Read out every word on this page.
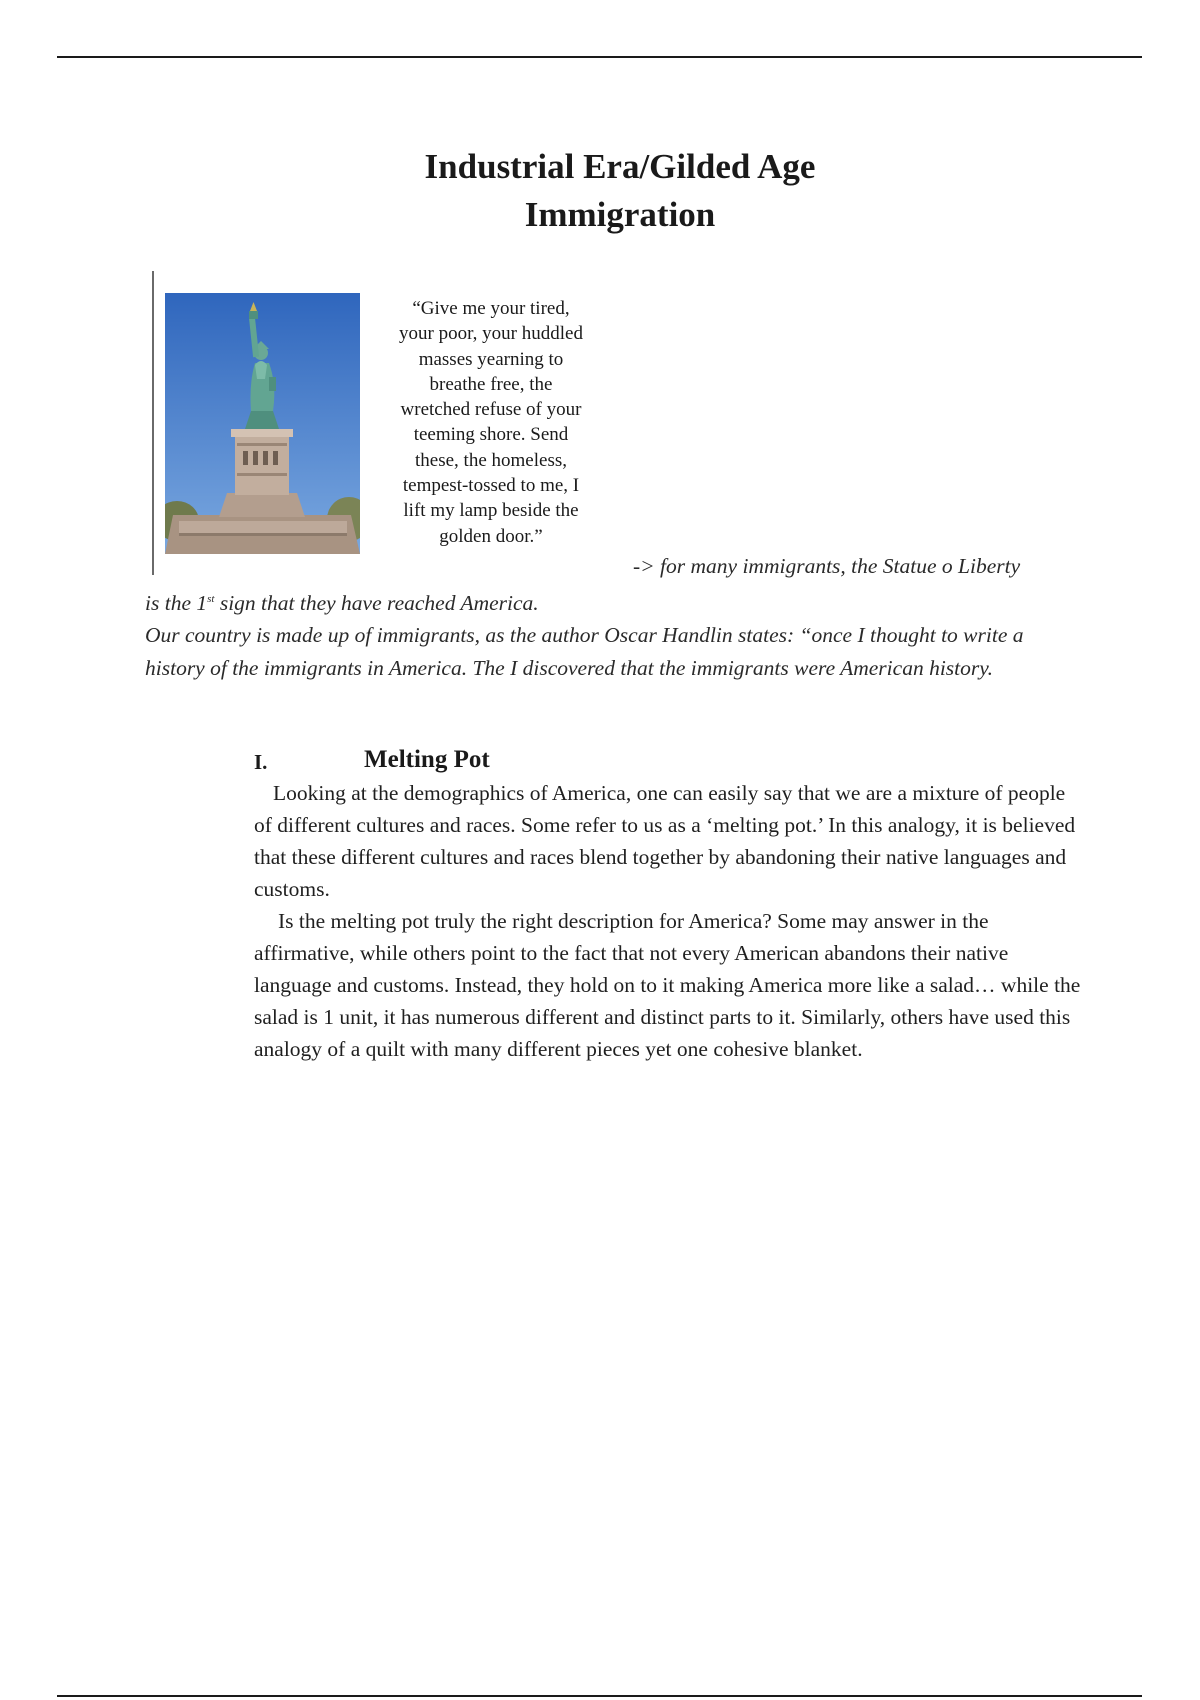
Industrial Era/Gilded Age
Immigration
“Give me your tired,
your poor, your huddled
masses yearning to
breathe free, the
wretched refuse of your
teeming shore. Send
these, the homeless,
tempest-tossed to me, I
lift my lamp beside the
golden door.”
-> for many immigrants, the Statue o Liberty
is the 1st sign that they have reached America.
Our country is made up of immigrants, as the author Oscar Handlin states: “once I thought to write a history of the immigrants in America. The I discovered that the immigrants were American history.
I.	Melting Pot

Looking at the demographics of America, one can easily say that we are a mixture of people of different cultures and races. Some refer to us as a ‘melting pot.’ In this analogy, it is believed that these different cultures and races blend together by abandoning their native languages and customs.

Is the melting pot truly the right description for America? Some may answer in the affirmative, while others point to the fact that not every American abandons their native language and customs. Instead, they hold on to it making America more like a salad… while the salad is 1 unit, it has numerous different and distinct parts to it. Similarly, others have used this analogy of a quilt with many different pieces yet one cohesive blanket.
